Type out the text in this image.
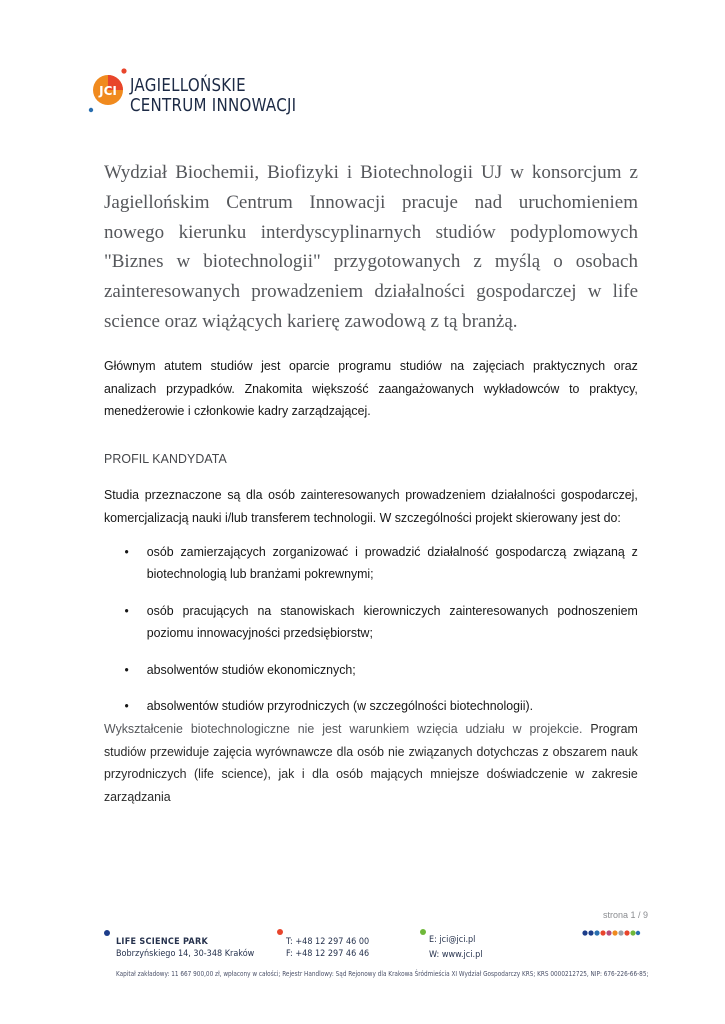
JCI JAGIELLOŃSKIE
CENTRUM INNOWACJI
Wydział Biochemii, Biofizyki i Biotechnologii UJ w konsorcjum z Jagiellońskim Centrum Innowacji pracuje nad uruchomieniem nowego kierunku interdyscyplinarnych studiów podyplomowych "Biznes w biotechnologii" przygotowanych z myślą o osobach zainteresowanych prowadzeniem działalności gospodarczej w life science oraz wiążących karierę zawodową z tą branżą.
Głównym atutem studiów jest oparcie programu studiów na zajęciach praktycznych oraz analizach przypadków. Znakomita większość zaangażowanych wykładowców to praktycy, menedżerowie i członkowie kadry zarządzającej.
PROFIL KANDYDATA
Studia przeznaczone są dla osób zainteresowanych prowadzeniem działalności gospodarczej, komercjalizacją nauki i/lub transferem technologii. W szczególności projekt skierowany jest do:
• osób zamierzających zorganizować i prowadzić działalność gospodarczą związaną z biotechnologią lub branżami pokrewnymi;
• osób pracujących na stanowiskach kierowniczych zainteresowanych podnoszeniem poziomu innowacyjności przedsiębiorstw;
• absolwentów studiów ekonomicznych;
• absolwentów studiów przyrodniczych (w szczególności biotechnologii).
Wykształcenie biotechnologiczne nie jest warunkiem wzięcia udziału w projekcie. Program studiów przewiduje zajęcia wyrównawcze dla osób nie związanych dotychczas z obszarem nauk przyrodniczych (life science), jak i dla osób mających mniejsze doświadczenie w zakresie zarządzania
strona 1 / 9
LIFE SCIENCE PARK
Bobrzyńskiego 14, 30-348 Kraków
T: +48 12 297 46 00
F: +48 12 297 46 46
E: jci@jci.pl
W: www.jci.pl
Kapitał zakładowy: 11 667 900,00 zł, wpłacony w całości; Rejestr Handlowy: Sąd Rejonowy dla Krakowa Śródmieścia XI Wydział Gospodarczy KRS; KRS 0000212725, NIP: 676-226-66-85;
